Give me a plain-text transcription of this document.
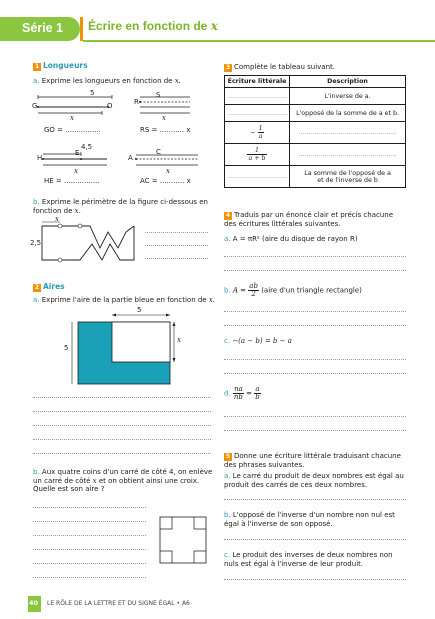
Série 1 Écrire en fonction de x
1 Longueurs

a. Exprime les longueurs en fonction de x.

5
G	O
x
GO = ................
S
R
x
RS = ........... x
4,5
H
E
x
HE = ................
C
A
x
AC = ........... x

b. Exprime le périmètre de la figure ci-dessous en
fonction de x.

x
2,5
2 Aires

a. Exprime l'aire de la partie bleue en fonction de x.

5
5
x

b. Aux quatre coins d'un carré de côté 4, on enlève
un carré de côté x et on obtient ainsi une croix.
Quelle est son aire ?

3 Complète le tableau suivant.
Écriture littérale	Description
..............................	L'inverse de a.
..............................	L'opposé de la somme de a et b.
− $\frac{1}{a}$	.................................................

$\frac{1}{a + b}$	.................................................
..............................	La somme de l'opposé de a
et de l'inverse de b

4 Traduis par un énoncé clair et précis chacune
des écritures littérales suivantes.

a. A = πR² (aire du disque de rayon R)

b. $A = \frac{ab}{2}$ (aire d'un triangle rectangle)
c. −(a − b) = b − a
d. $\frac{na}{nb} = \frac{a}{b}$

5 Donne une écriture littérale traduisant chacune
des phrases suivantes.

a. Le carré du produit de deux nombres est égal au
produit des carrés de ces deux nombres.

b. L'opposé de l'inverse d'un nombre non nul est
égal à l'inverse de son opposé.

c. Le produit des inverses de deux nombres non
nuls est égal à l'inverse de leur produit.

40 LE RÔLE DE LA LETTRE ET DU SIGNE ÉGAL • A6
